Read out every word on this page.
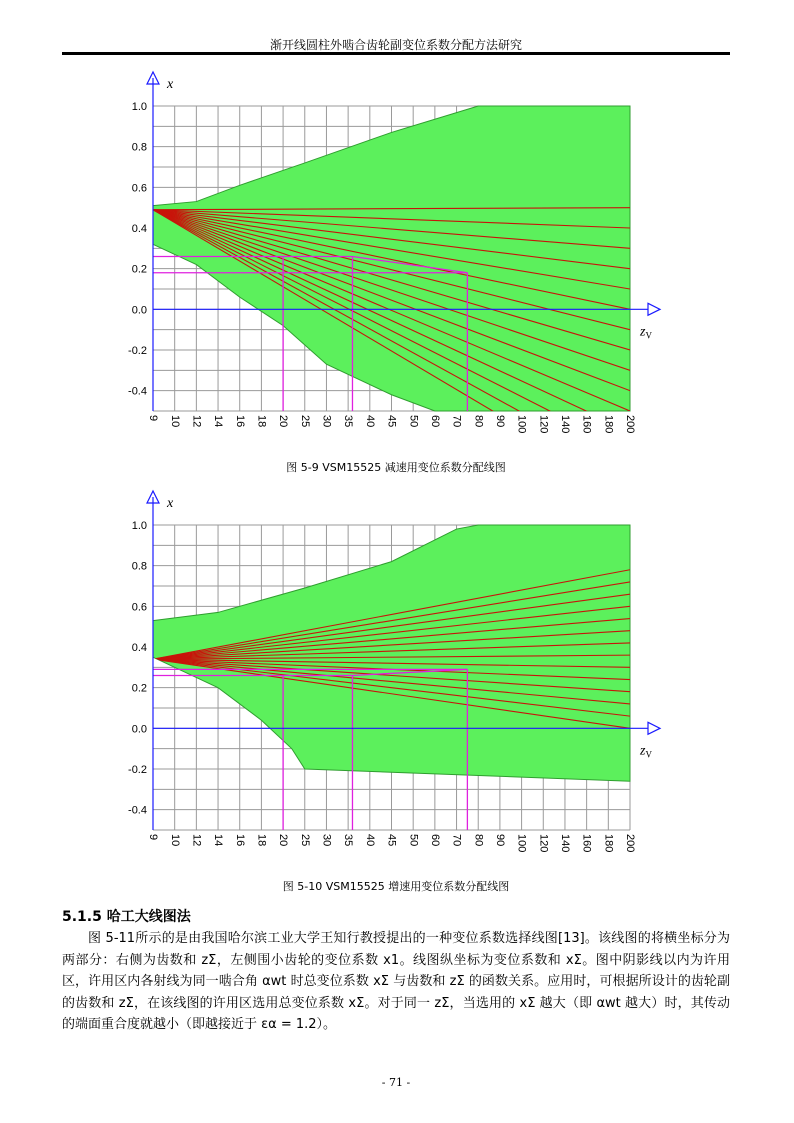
渐开线圆柱外啮合齿轮副变位系数分配方法研究
x
$z_V$
1.0
0.8
0.6
0.4
0.2
0.0
-0.2
-0.4
9 10 12 14 16 18 20 25 30 35 40 45 50 60 70 80 90 100 120 140 160 180 200
图 5-9 VSM15525 减速用变位系数分配线图
x
$z_V$
1.0
0.8
0.6
0.4
0.2
0.0
-0.2
-0.4
9 10 12 14 16 18 20 25 30 35 40 45 50 60 70 80 90 100 120 140 160 180 200
图 5-10 VSM15525 增速用变位系数分配线图
5.1.5 哈工大线图法
图 5-11所示的是由我国哈尔滨工业大学王知行教授提出的一种变位系数选择线图[13]。该线图的将横坐标分为两部分：右侧为齿数和 zΣ，左侧围小齿轮的变位系数 x1。线图纵坐标为变位系数和 xΣ。图中阴影线以内为许用区，许用区内各射线为同一啮合角 αwt 时总变位系数 xΣ 与齿数和 zΣ 的函数关系。应用时，可根据所设计的齿轮副的齿数和 zΣ，在该线图的许用区选用总变位系数 xΣ。对于同一 zΣ，当选用的 xΣ 越大（即 αwt 越大）时，其传动的端面重合度就越小（即越接近于 εα = 1.2）。
- 71 -
